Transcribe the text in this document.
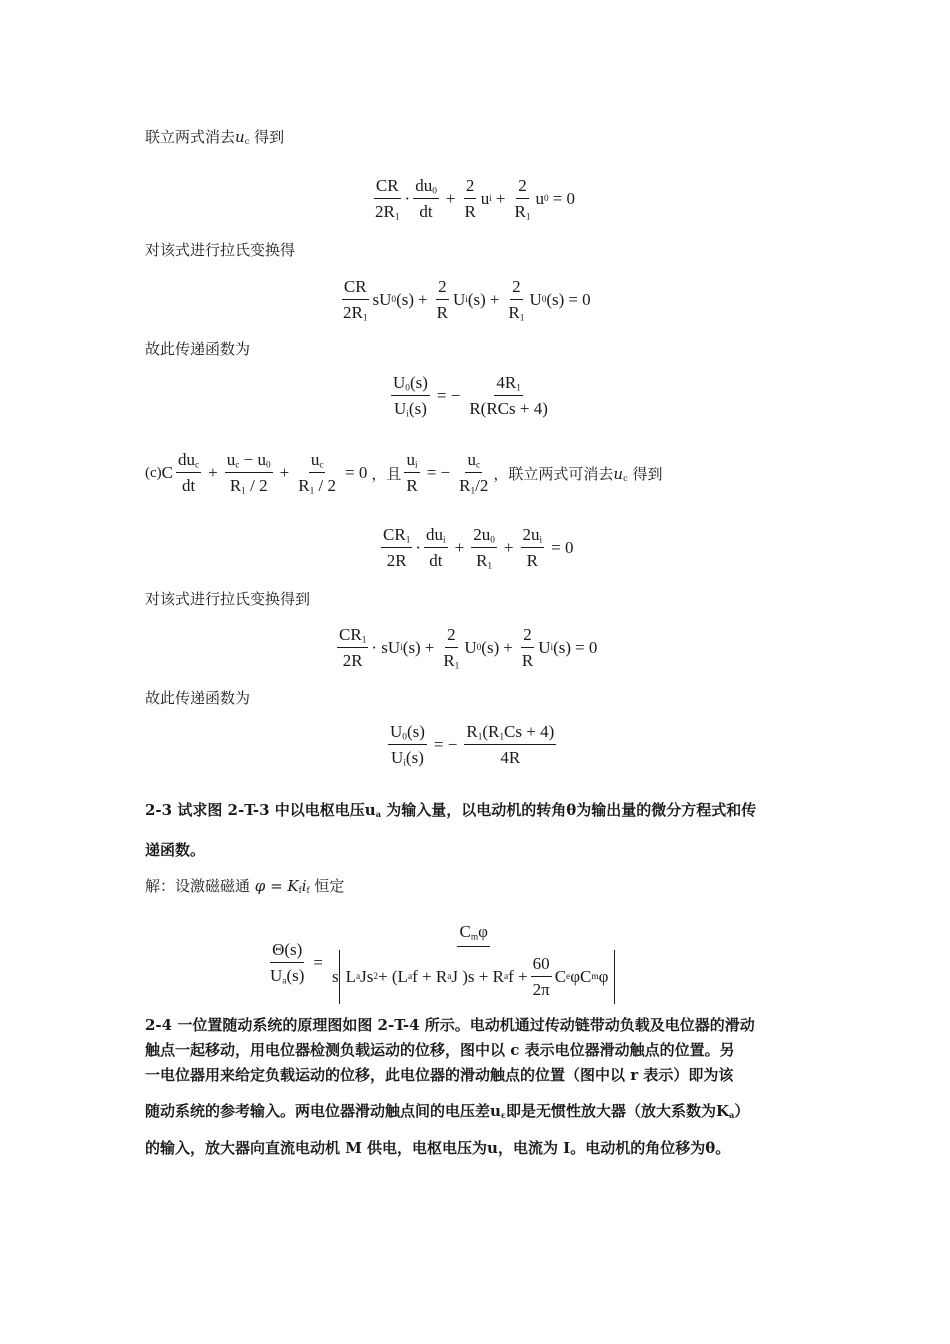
联立两式消去$u_c$ 得到
$\frac{CR}{2R_1} \cdot \frac{du_0}{dt} + \frac{2}{R}$ u $i + \frac{2}{R_1}$ u 0 = 0
对该式进行拉氏变换得
$\frac{CR}{2R_1}$ sU 0 $(s) + \frac{2}{R}$ U i $(s) + \frac{2}{R_1}$ U 0 (s) = 0
故此传递函数为
$\frac{U_0(s)}{U_i(s)}$ = − $\frac{4R_1}{\text{R(RCs + 4)}}$
(c) C $\frac{du_c}{dt} + \frac{u_c - u_0}{R_1 / 2} + \frac{u_c}{R_1 / 2} = 0$ ，且 $\frac{u_i}{R}$ = − $\frac{u_c}{R_1/2}$ ，联立两式可消去$u_c$ 得到
$\frac{CR_1}{2R} \cdot \frac{du_i}{dt} + \frac{2u_0}{R_1} + \frac{2u_i}{R} = 0$
对该式进行拉氏变换得到
$\frac{CR_1}{2R}$ · sU i $(s) + \frac{2}{R_1}$ U 0 $(s) + \frac{2}{R}$ U i (s) = 0
故此传递函数为
$\frac{U_0(s)}{U_i(s)}$ = − $\frac{R_1(R_1Cs + 4)}{4R}$
2-3 试求图 2-T-3 中以电枢电压$u_a$ 为输入量，以电动机的转角θ为输出量的微分方程式和传
递函数。
解：设激磁磁通 $\varphi = K_fi_f$ 恒定
$\frac{\Theta(s)}{U_a(s)}$ =
$C_m\varphi$
s L a Js 2 + (L a f + R a J )s + R a $f + \frac{60}{2\pi}$ C e φC m φ
2-4 一位置随动系统的原理图如图 2-T-4 所示。电动机通过传动链带动负载及电位器的滑动
触点一起移动，用电位器检测负载运动的位移，图中以 c 表示电位器滑动触点的位置。另
一电位器用来给定负载运动的位移，此电位器的滑动触点的位置（图中以 r 表示）即为该
随动系统的参考输入。两电位器滑动触点间的电压差$u_\varepsilon$即是无惯性放大器（放大系数为$K_a$）
的输入，放大器向直流电动机 M 供电，电枢电压为u，电流为 I。电动机的角位移为θ。
